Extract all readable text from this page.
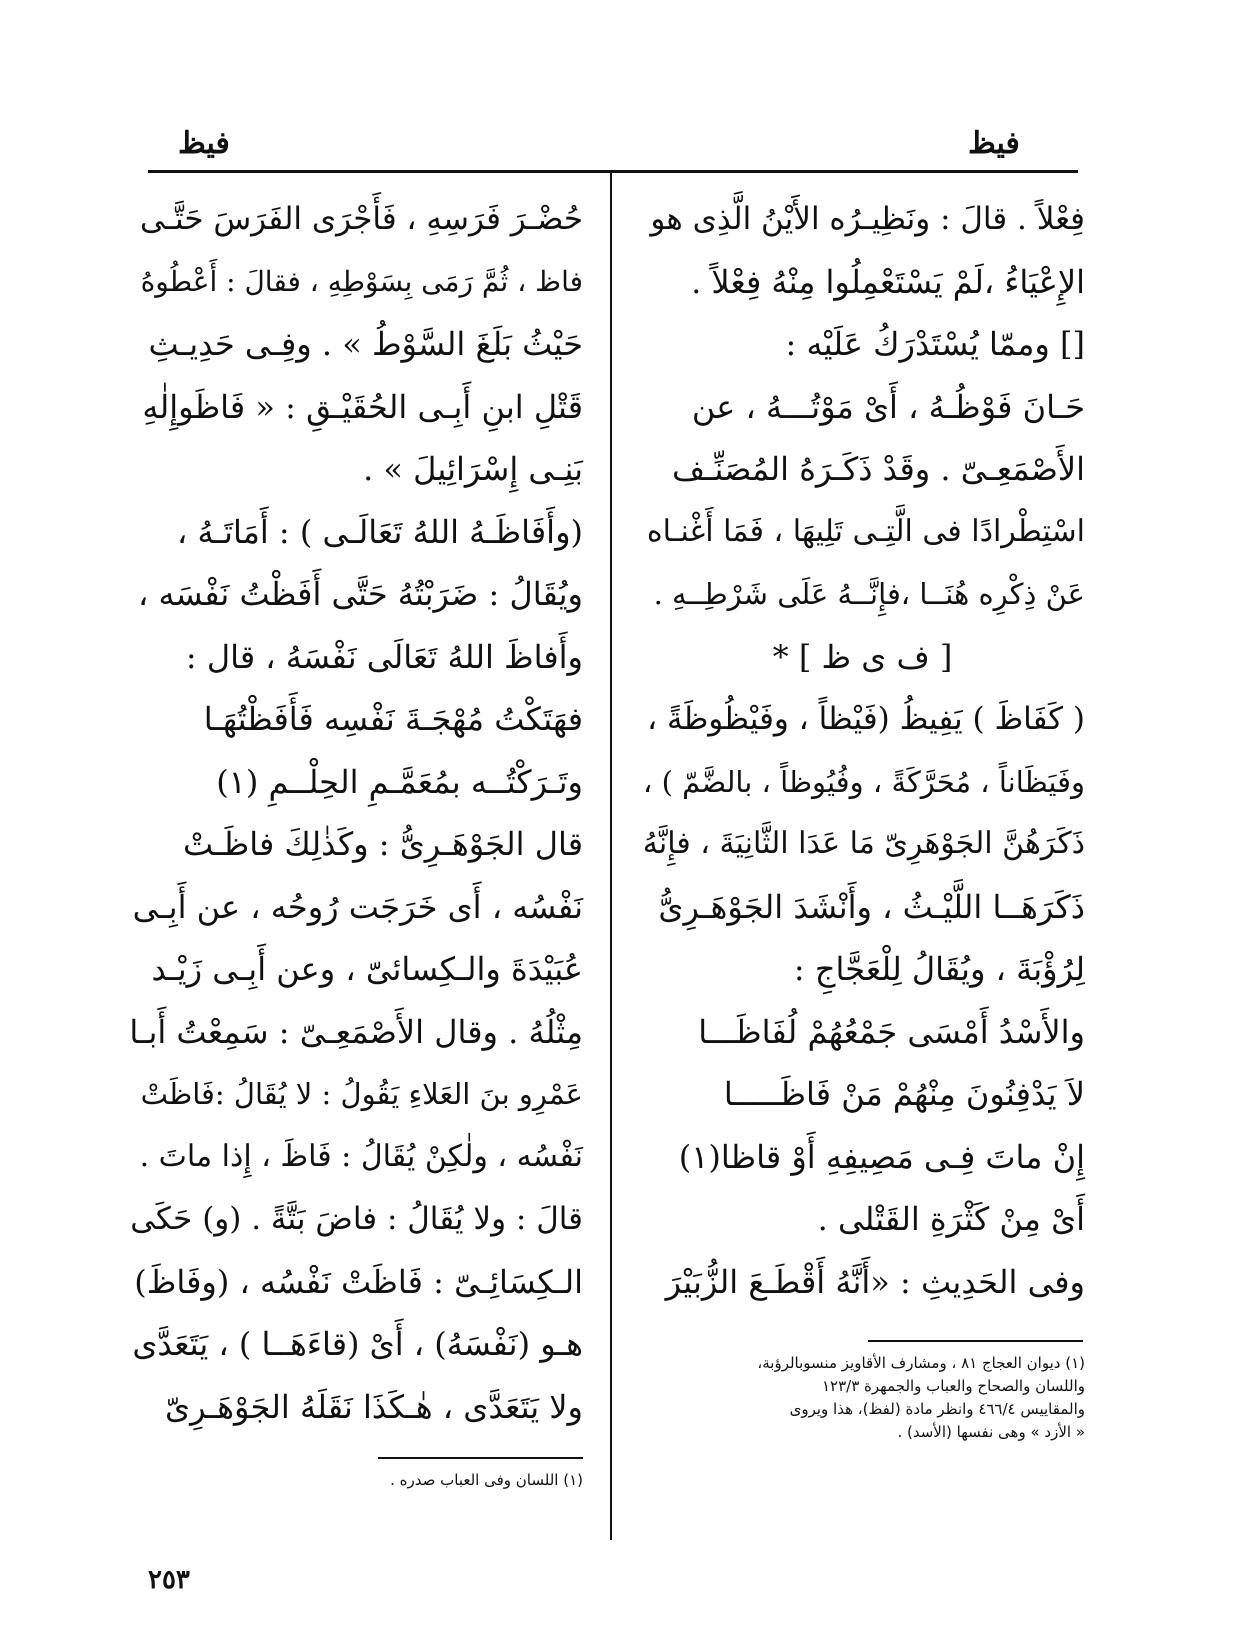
فيظ
فيظ
فِعْلاً . قالَ : ونَظِيـرُه الأَيْنُ الَّذِى هو
الإِعْيَاءُ ،لَمْ يَسْتَعْمِلُوا مِنْهُ فِعْلاً .
[] وممّا يُسْتَدْرَكُ عَلَيْه :
حَـانَ فَوْظُـهُ ، أَىْ مَوْتُـــهُ ، عن
الأَصْمَعِـىّ . وقَدْ ذَكَـرَهُ المُصَنِّـف
اسْتِطْرادًا فى الَّتِـى تَلِيهَا ، فَمَا أَغْنـاه
عَنْ ذِكْرِه هُنَــا ،فإِنَّــهُ عَلَى شَرْطِــهِ .
[ ف ى ظ ] *
( كَفَاظَ ) يَفِيظُ (فَيْظاً ، وفَيْظُوظَةً ،
وفَيَظَاناً ، مُحَرَّكَةً ، وفُيُوظاً ، بالضَّمّ ) ،
ذَكَرَهُنَّ الجَوْهَرِىّ مَا عَدَا الثَّانِيَةَ ، فإِنَّهُ
ذَكَرَهَــا اللَّيْـثُ ، وأَنْشَدَ الجَوْهَـرِىُّ
لِرُؤْبَةَ ، ويُقَالُ لِلْعَجَّاجِ :
والأَسْدُ أَمْسَى جَمْعُهُمْ لُفَاظَـــا
لاَ يَدْفِنُونَ مِنْهُمْ مَنْ فَاظَـــــا
إِنْ ماتَ فِـى مَصِيفِهِ أَوْ قاظا(١)
أَىْ مِنْ كَثْرَةِ القَتْلى .
وفى الحَدِيثِ : «أَنَّهُ أَقْطَـعَ الزُّبَيْرَ
(١) ديوان العجاج ٨١ ، ومشارف الأقاويز منسوبالرؤبة،
واللسان والصحاح والعباب والجمهرة ١٢٣/٣
والمقاييس ٤٦٦/٤ وانظر مادة (لفظ)، هذا ويروى
« الأزد » وهى نفسها (الأسد) .
حُضْـرَ فَرَسِهِ ، فَأَجْرَى الفَرَسَ حَتَّـى
فاظ ، ثُمَّ رَمَى بِسَوْطِهِ ، فقالَ : أَعْطُوهُ
حَيْثُ بَلَغَ السَّوْطُ » . وفِـى حَدِيـثِ
قَتْلِ ابنِ أَبِـى الحُقَيْـقِ : « فَاظَوإِلٰهِ
بَنِـى إِسْرَائِيلَ » .
(وأَفَاظَـهُ اللهُ تَعَالَـى ) : أَمَاتَـهُ ،
ويُقَالُ : ضَرَبْتُهُ حَتَّى أَفَظْتُ نَفْسَه ،
وأَفاظَ اللهُ تَعَالَى نَفْسَهُ ، قال :
فهَتَكْتُ مُهْجَـةَ نَفْسِه فَأَفَظْتُهَـا
وتَـرَكْتُــه بمُعَمَّـمِ الحِلْــمِ (١)
قال الجَوْهَـرِىُّ : وكَذٰلِكَ فاظَـتْ
نَفْسُه ، أَى خَرَجَت رُوحُه ، عن أَبِـى
عُبَيْدَةَ والـكِسائىّ ، وعن أَبِـى زَيْـد
مِثْلُهُ . وقال الأَصْمَعِـىّ : سَمِعْتُ أَبـا
عَمْرِو بنَ العَلاءِ يَقُولُ : لا يُقَالُ :فَاظَتْ
نَفْسُه ، ولٰكِنْ يُقَالُ : فَاظَ ، إِذا ماتَ .
قالَ : ولا يُقَالُ : فاضَ بَتَّةً . (و) حَكَى
الـكِسَائِـىّ : فَاظَتْ نَفْسُه ، (وفَاظَ)
هـو (نَفْسَهُ) ، أَىْ (قاءَهَــا ) ، يَتَعَدَّى
ولا يَتَعَدَّى ، هٰـكَذَا نَقَلَهُ الجَوْهَـرِىّ
(١) اللسان وفى العباب صدره .
٢٥٣
